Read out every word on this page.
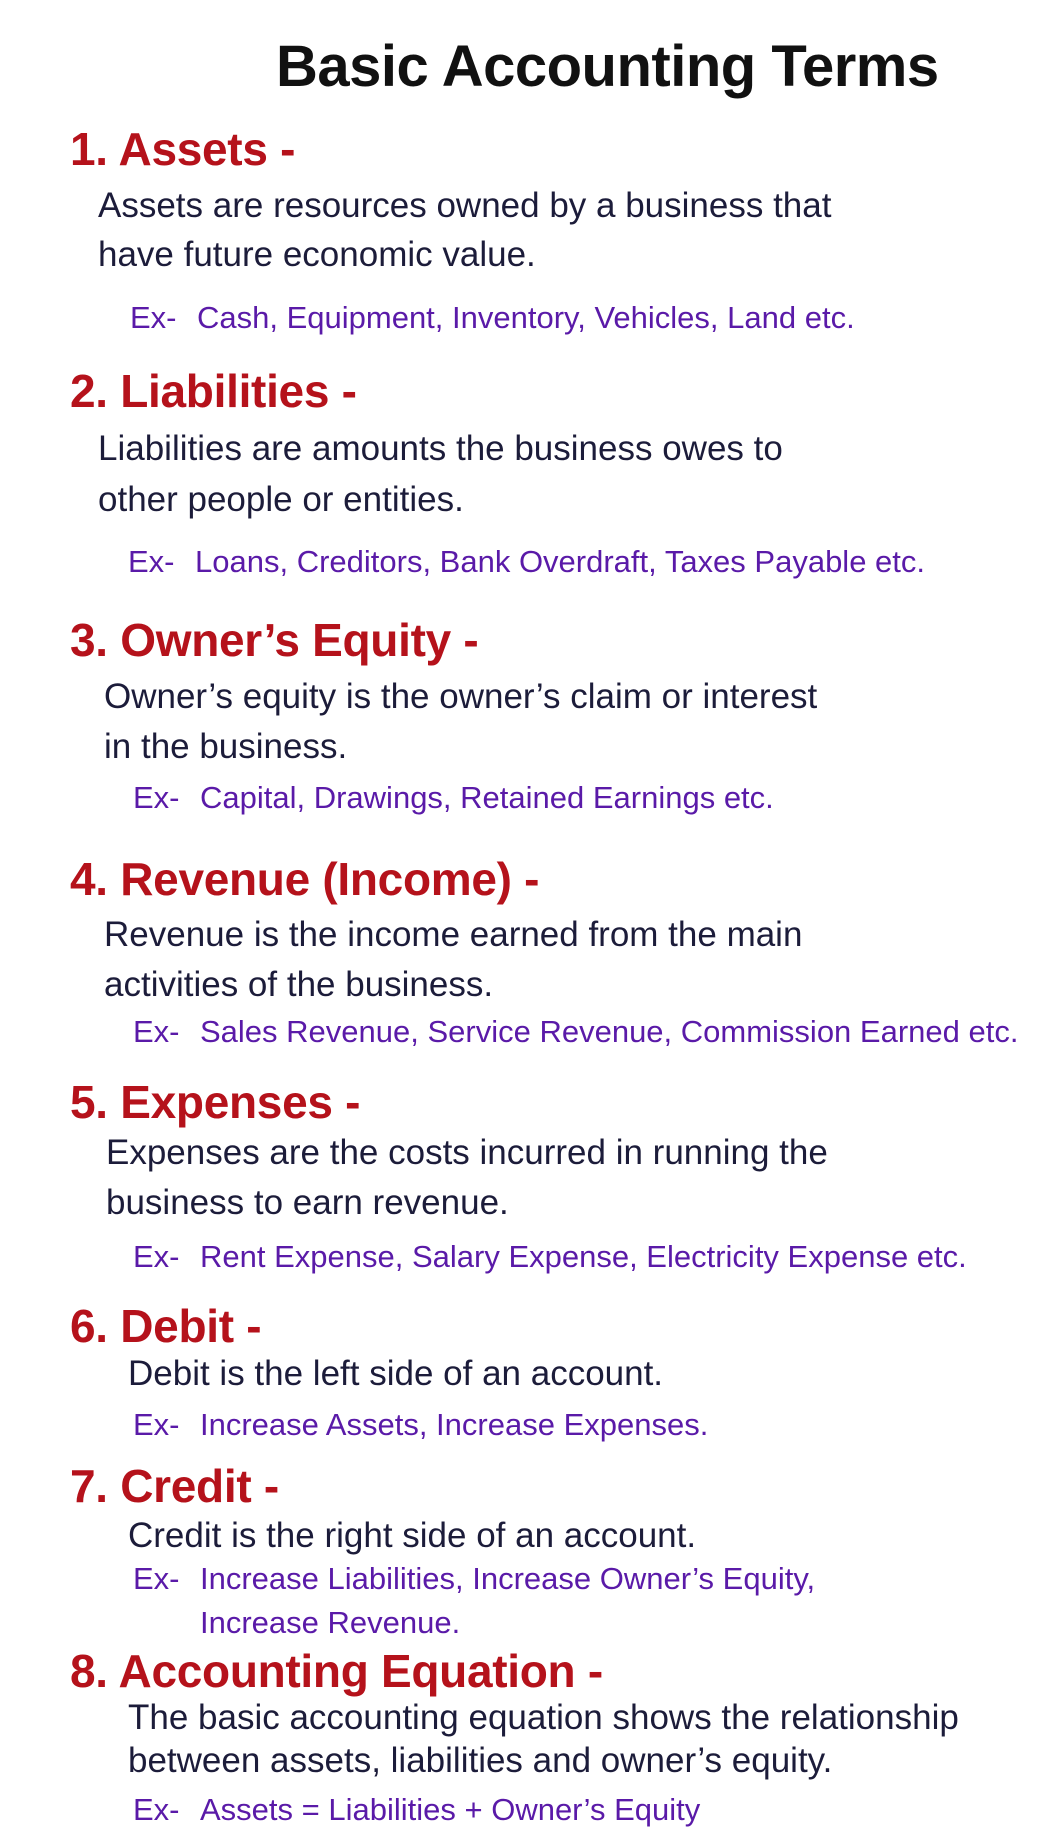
Basic Accounting Terms
1. Assets -

Assets are resources owned by a business that

have future economic value.

Ex- Cash, Equipment, Inventory, Vehicles, Land etc.
2. Liabilities -

Liabilities are amounts the business owes to

other people or entities.

Ex- Loans, Creditors, Bank Overdraft, Taxes Payable etc.
3. Owner’s Equity -

Owner’s equity is the owner’s claim or interest

in the business.

Ex- Capital, Drawings, Retained Earnings etc.
4. Revenue (Income) -

Revenue is the income earned from the main

activities of the business.

Ex- Sales Revenue, Service Revenue, Commission Earned etc.
5. Expenses -

Expenses are the costs incurred in running the

business to earn revenue.

Ex- Rent Expense, Salary Expense, Electricity Expense etc.
6. Debit -

Debit is the left side of an account.

Ex- Increase Assets, Increase Expenses.
7. Credit -

Credit is the right side of an account.

Ex- Increase Liabilities, Increase Owner’s Equity,
Increase Revenue.
8. Accounting Equation -

The basic accounting equation shows the relationship

between assets, liabilities and owner’s equity.

Ex- Assets = Liabilities + Owner’s Equity
